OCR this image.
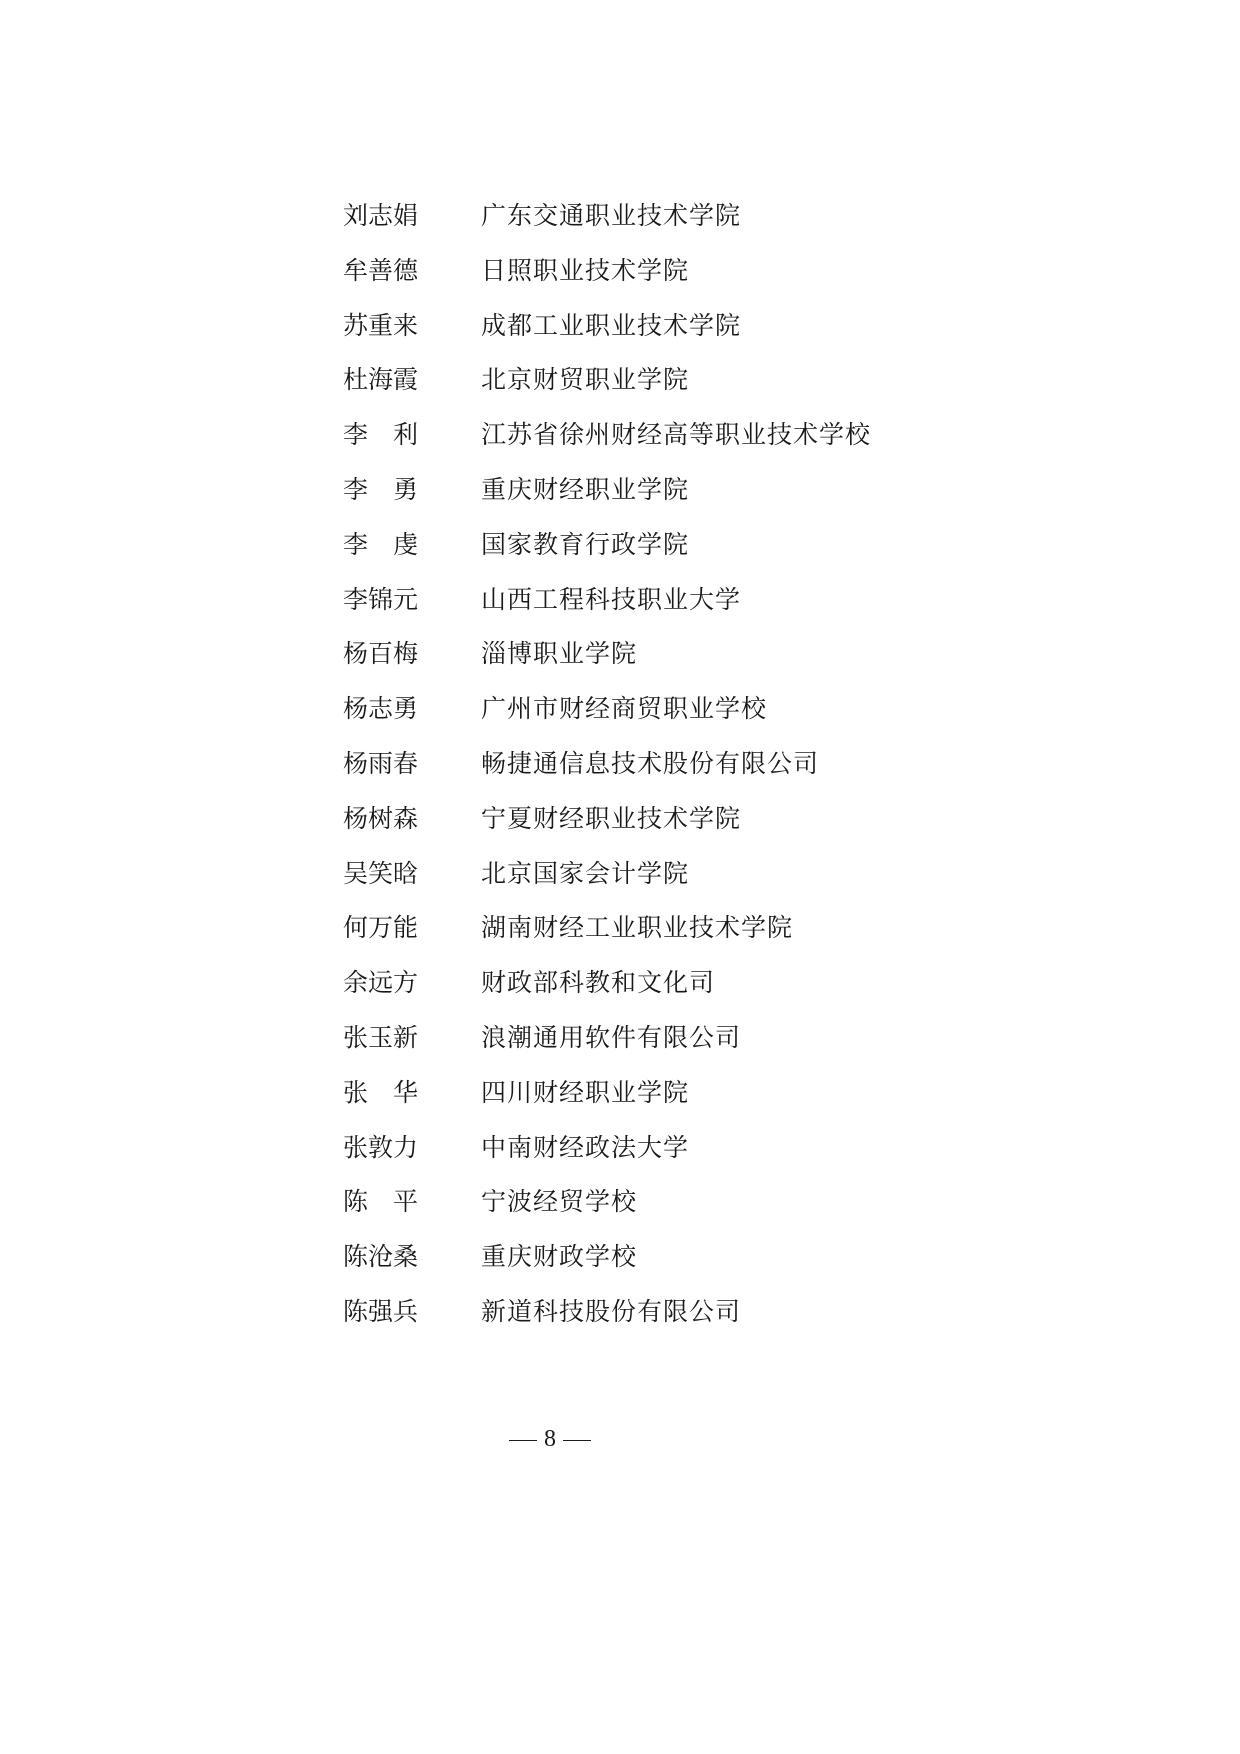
刘志娟	广东交通职业技术学院
牟善德	日照职业技术学院
苏重来	成都工业职业技术学院
杜海霞	北京财贸职业学院
李利 江苏省徐州财经高等职业技术学校
李勇 重庆财经职业学院
李虔 国家教育行政学院
李锦元	山西工程科技职业大学
杨百梅	淄博职业学院
杨志勇	广州市财经商贸职业学校
杨雨春	畅捷通信息技术股份有限公司
杨树森	宁夏财经职业技术学院
吴笑晗	北京国家会计学院
何万能	湖南财经工业职业技术学院
余远方	财政部科教和文化司
张玉新	浪潮通用软件有限公司
张华 四川财经职业学院
张敦力	中南财经政法大学
陈平 宁波经贸学校
陈沧桑	重庆财政学校
陈强兵	新道科技股份有限公司
8
